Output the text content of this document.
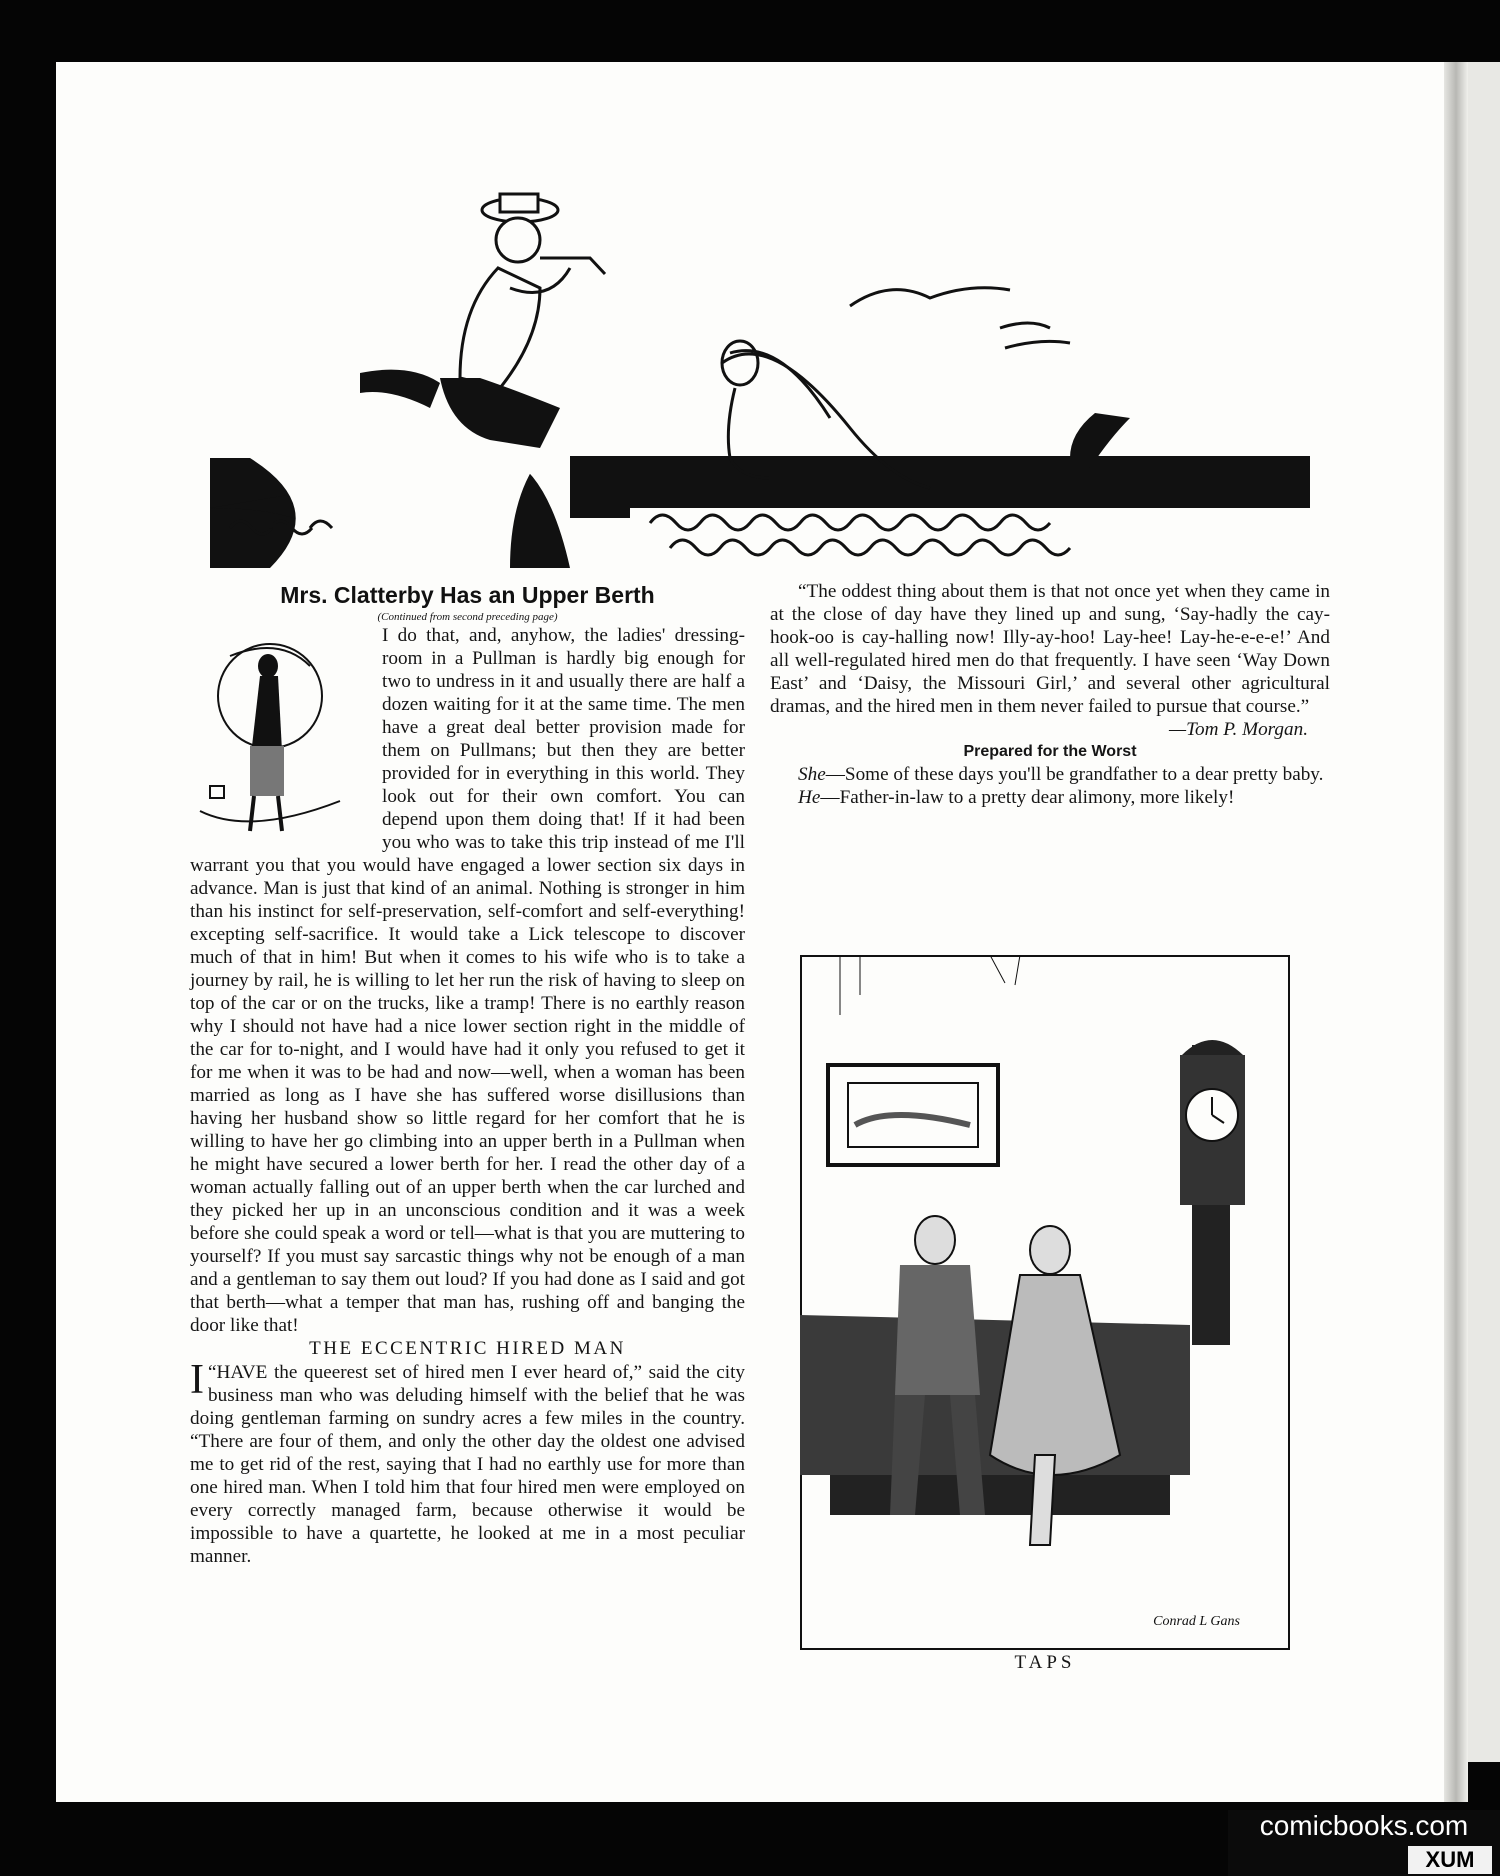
ɛ
Mrs. Clatterby Has an Upper Berth

(Continued from second preceding page)

I do that, and, anyhow, the ladies' dressing-room in a Pullman is hardly big enough for two to undress in it and usually there are half a dozen waiting for it at the same time. The men have a great deal better provision made for them on Pullmans; but then they are better provided for in everything in this world. They look out for their own comfort. You can depend upon them doing that! If it had been you who was to take this trip instead of me I'll warrant you that you would have engaged a lower section six days in advance. Man is just that kind of an animal. Nothing is stronger in him than his instinct for self-preservation, self-comfort and self-everything! excepting self-sacrifice. It would take a Lick telescope to discover much of that in him! But when it comes to his wife who is to take a journey by rail, he is willing to let her run the risk of having to sleep on top of the car or on the trucks, like a tramp! There is no earthly reason why I should not have had a nice lower section right in the middle of the car for to-night, and I would have had it only you refused to get it for me when it was to be had and now—well, when a woman has been married as long as I have she has suffered worse disillusions than having her husband show so little regard for her comfort that he is willing to have her go climbing into an upper berth in a Pullman when he might have secured a lower berth for her. I read the other day of a woman actually falling out of an upper berth when the car lurched and they picked her up in an unconscious condition and it was a week before she could speak a word or tell—what is that you are muttering to yourself? If you must say sarcastic things why not be enough of a man and a gentleman to say them out loud? If you had done as I said and got that berth—what a temper that man has, rushing off and banging the door like that!

THE ECCENTRIC HIRED MAN

“
I HAVE the queerest set of hired men I ever heard of,” said the city business man who was deluding himself with the belief that he was doing gentleman farming on sundry acres a few miles in the country. “There are four of them, and only the other day the oldest one advised me to get rid of the rest, saying that I had no earthly use for more than one hired man. When I told him that four hired men were employed on every correctly managed farm, because otherwise it would be impossible to have a quartette, he looked at me in a most peculiar manner.

“The oddest thing about them is that not once yet when they came in at the close of day have they lined up and sung, ‘Say-hadly the cay-hook-oo is cay-halling now! Illy-ay-hoo! Lay-hee! Lay-he-e-e-e!’ And all well-regulated hired men do that frequently. I have seen ‘Way Down East’ and ‘Daisy, the Missouri Girl,’ and several other agricultural dramas, and the hired men in them never failed to pursue that course.”

—Tom P. Morgan.

Prepared for the Worst

She—Some of these days you'll be grandfather to a dear pretty baby.

He—Father-in-law to a pretty dear alimony, more likely!

Conrad L Gans
TAPS
comicbooks.com
XUM
